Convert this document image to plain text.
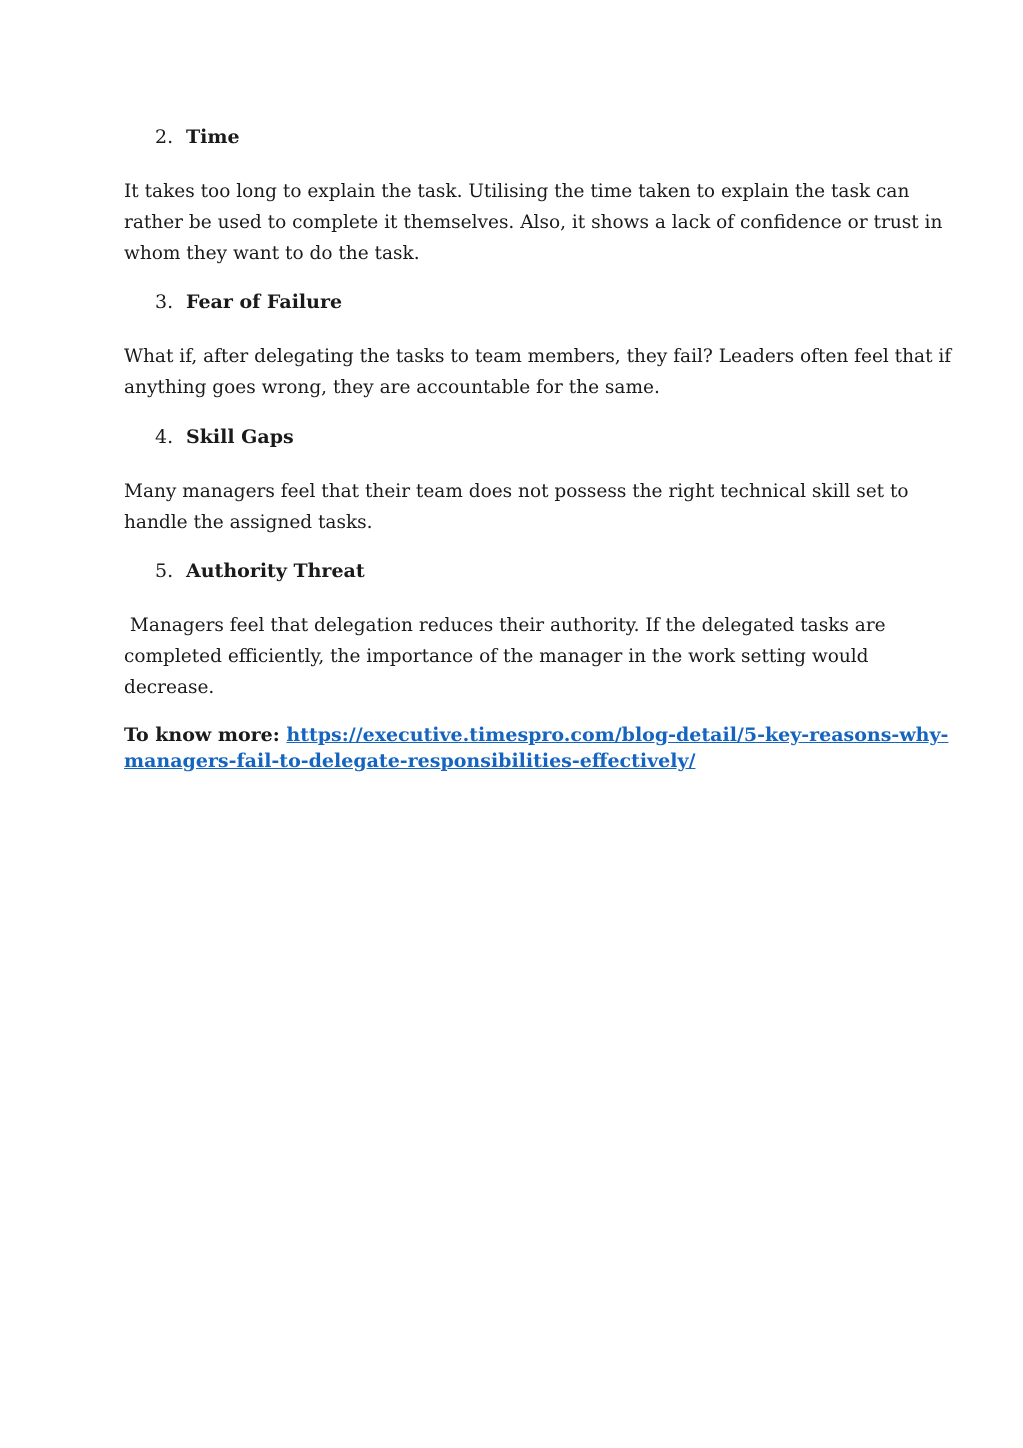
2. Time

It takes too long to explain the task. Utilising the time taken to explain the task can
rather be used to complete it themselves. Also, it shows a lack of confidence or trust in
whom they want to do the task.

3. Fear of Failure

What if, after delegating the tasks to team members, they fail? Leaders often feel that if
anything goes wrong, they are accountable for the same.

4. Skill Gaps

Many managers feel that their team does not possess the right technical skill set to
handle the assigned tasks.

5. Authority Threat

Managers feel that delegation reduces their authority. If the delegated tasks are
completed efficiently, the importance of the manager in the work setting would
decrease.

To know more: https://executive.timespro.com/blog-detail/5-key-reasons-why-
managers-fail-to-delegate-responsibilities-effectively/
